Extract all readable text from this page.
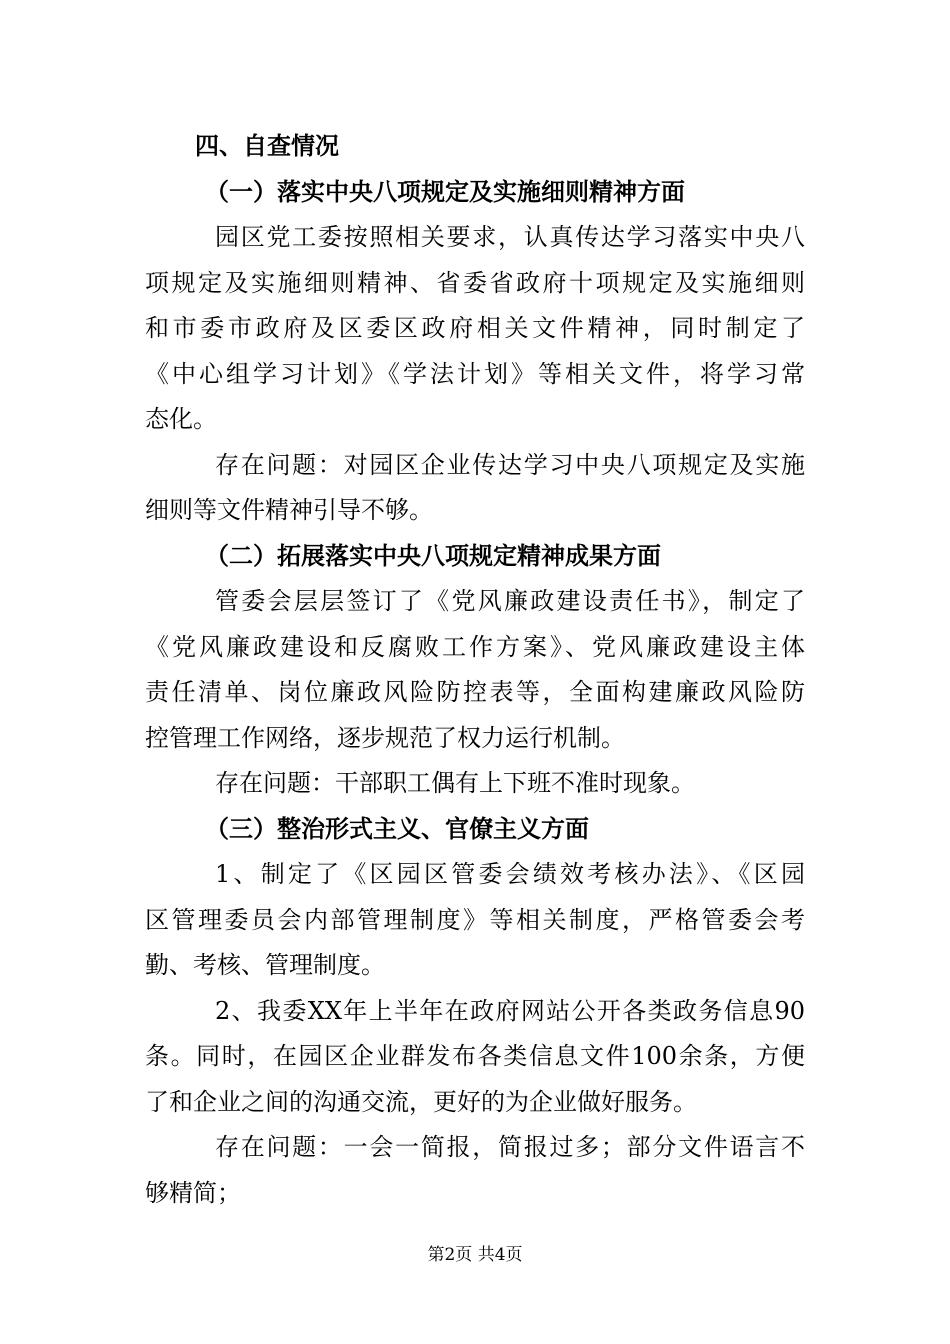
四、自查情况
（一）落实中央八项规定及实施细则精神方面
园区党工委按照相关要求，认真传达学习落实中央八
项规定及实施细则精神、省委省政府十项规定及实施细则
和市委市政府及区委区政府相关文件精神，同时制定了
《中心组学习计划》《学法计划》等相关文件，将学习常
态化。
存在问题：对园区企业传达学习中央八项规定及实施
细则等文件精神引导不够。
（二）拓展落实中央八项规定精神成果方面
管委会层层签订了《党风廉政建设责任书》，制定了
《党风廉政建设和反腐败工作方案》、党风廉政建设主体
责任清单、岗位廉政风险防控表等，全面构建廉政风险防
控管理工作网络，逐步规范了权力运行机制。
存在问题：干部职工偶有上下班不准时现象。
（三）整治形式主义、官僚主义方面
1、制定了《区园区管委会绩效考核办法》、《区园
区管理委员会内部管理制度》等相关制度，严格管委会考
勤、考核、管理制度。
2、我委XX年上半年在政府网站公开各类政务信息90
条。同时，在园区企业群发布各类信息文件100余条，方便
了和企业之间的沟通交流，更好的为企业做好服务。
存在问题：一会一简报，简报过多；部分文件语言不
够精简；
第2页 共4页
